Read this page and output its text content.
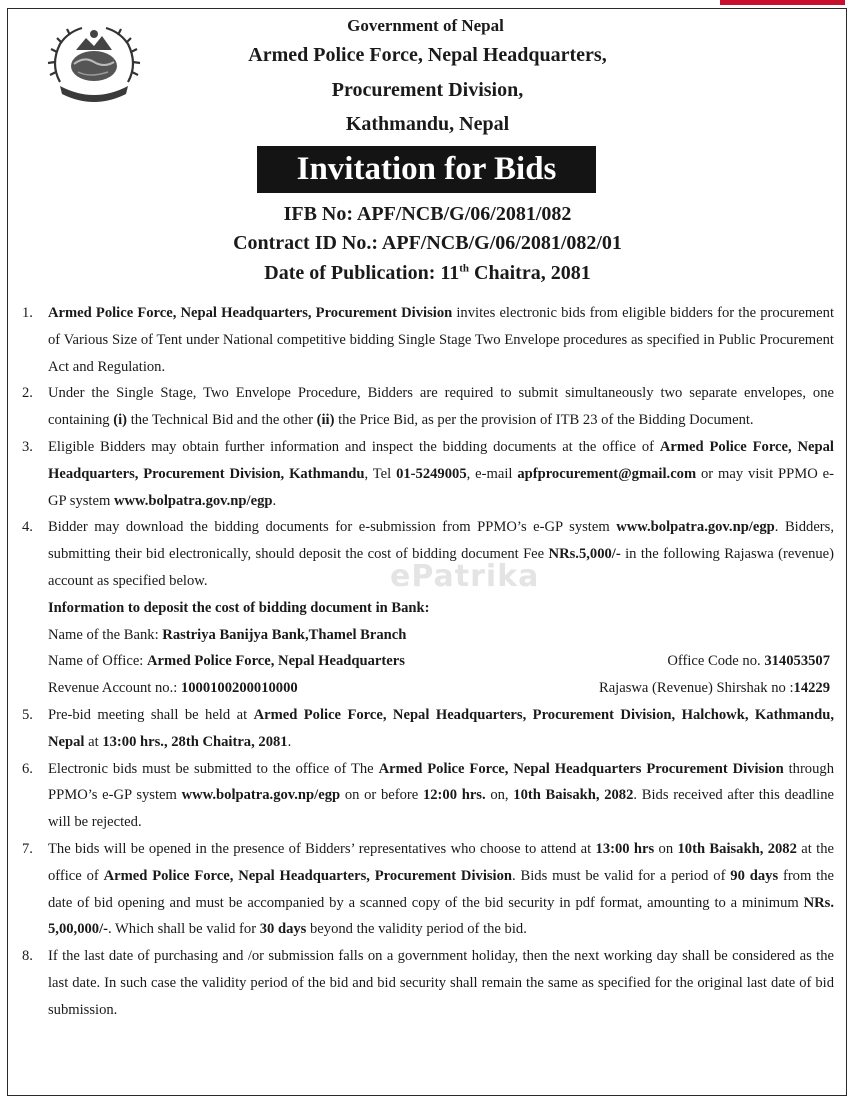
Government of Nepal
Armed Police Force, Nepal Headquarters,
Procurement Division,
Kathmandu, Nepal
Invitation for Bids
IFB No: APF/NCB/G/06/2081/082
Contract ID No.: APF/NCB/G/06/2081/082/01
Date of Publication: 11th Chaitra, 2081
1. Armed Police Force, Nepal Headquarters, Procurement Division invites electronic bids from eligible bidders for the procurement of Various Size of Tent under National competitive bidding Single Stage Two Envelope procedures as specified in Public Procurement Act and Regulation.

2. Under the Single Stage, Two Envelope Procedure, Bidders are required to submit simultaneously two separate envelopes, one containing (i) the Technical Bid and the other (ii) the Price Bid, as per the provision of ITB 23 of the Bidding Document.

3. Eligible Bidders may obtain further information and inspect the bidding documents at the office of Armed Police Force, Nepal Headquarters, Procurement Division, Kathmandu, Tel 01-5249005, e-mail apfprocurement@gmail.com or may visit PPMO e-GP system www.bolpatra.gov.np/egp.

4. Bidder may download the bidding documents for e-submission from PPMO’s e-GP system www.bolpatra.gov.np/egp. Bidders, submitting their bid electronically, should deposit the cost of bidding document Fee NRs.5,000/- in the following Rajaswa (revenue) account as specified below.

Information to deposit the cost of bidding document in Bank:

Name of the Bank: Rastriya Banijya Bank,Thamel Branch

Name of Office: Armed Police Force, Nepal Headquarters	Office Code no. 314053507
Revenue Account no.: 1000100200010000	Rajaswa (Revenue) Shirshak no :14229
5. Pre-bid meeting shall be held at Armed Police Force, Nepal Headquarters, Procurement Division, Halchowk, Kathmandu, Nepal at 13:00 hrs., 28th Chaitra, 2081.

6. Electronic bids must be submitted to the office of The Armed Police Force, Nepal Headquarters Procurement Division through PPMO’s e-GP system www.bolpatra.gov.np/egp on or before 12:00 hrs. on, 10th Baisakh, 2082. Bids received after this deadline will be rejected.

7. The bids will be opened in the presence of Bidders’ representatives who choose to attend at 13:00 hrs on 10th Baisakh, 2082 at the office of Armed Police Force, Nepal Headquarters, Procurement Division. Bids must be valid for a period of 90 days from the date of bid opening and must be accompanied by a scanned copy of the bid security in pdf format, amounting to a minimum NRs. 5,00,000/-. Which shall be valid for 30 days beyond the validity period of the bid.

8. If the last date of purchasing and /or submission falls on a government holiday, then the next working day shall be considered as the last date. In such case the validity period of the bid and bid security shall remain the same as specified for the original last date of bid submission.

ePatrika
